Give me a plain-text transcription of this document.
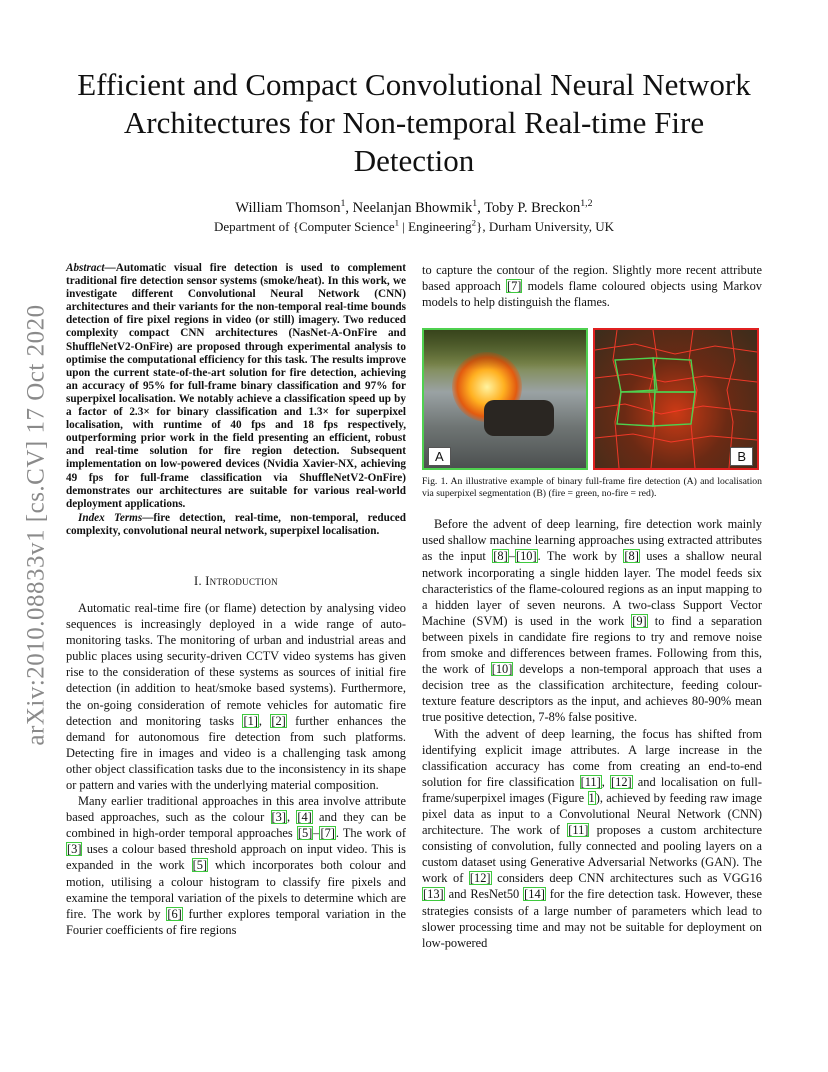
arXiv:2010.08833v1 [cs.CV] 17 Oct 2020
Efficient and Compact Convolutional Neural Network Architectures for Non-temporal Real-time Fire Detection
William Thomson$^1$, Neelanjan Bhowmik$^1$, Toby P. Breckon$^{1,2}$
Department of {Computer Science$^1$ | Engineering$^2$}, Durham University, UK

Abstract—Automatic visual fire detection is used to complement traditional fire detection sensor systems (smoke/heat). In this work, we investigate different Convolutional Neural Network (CNN) architectures and their variants for the non-temporal real-time bounds detection of fire pixel regions in video (or still) imagery. Two reduced complexity compact CNN architectures (NasNet-A-OnFire and ShuffleNetV2-OnFire) are proposed through experimental analysis to optimise the computational efficiency for this task. The results improve upon the current state-of-the-art solution for fire detection, achieving an accuracy of 95% for full-frame binary classification and 97% for superpixel localisation. We notably achieve a classification speed up by a factor of 2.3× for binary classification and 1.3× for superpixel localisation, with runtime of 40 fps and 18 fps respectively, outperforming prior work in the field presenting an efficient, robust and real-time solution for fire region detection. Subsequent implementation on low-powered devices (Nvidia Xavier-NX, achieving 49 fps for full-frame classification via ShuffleNetV2-OnFire) demonstrates our architectures are suitable for various real-world deployment applications.

Index Terms—fire detection, real-time, non-temporal, reduced complexity, convolutional neural network, superpixel localisation.

I. Introduction

Automatic real-time fire (or flame) detection by analysing video sequences is increasingly deployed in a wide range of auto-monitoring tasks. The monitoring of urban and industrial areas and public places using security-driven CCTV video systems has given rise to the consideration of these systems as sources of initial fire detection (in addition to heat/smoke based systems). Furthermore, the on-going consideration of remote vehicles for automatic fire detection and monitoring tasks [1], [2] further enhances the demand for autonomous fire detection from such platforms. Detecting fire in images and video is a challenging task among other object classification tasks due to the inconsistency in its shape or pattern and varies with the underlying material composition.

Many earlier traditional approaches in this area involve attribute based approaches, such as the colour [3], [4] and they can be combined in high-order temporal approaches [5]–[7]. The work of [3] uses a colour based threshold approach on input video. This is expanded in the work [5] which incorporates both colour and motion, utilising a colour histogram to classify fire pixels and examine the temporal variation of the pixels to determine which are fire. The work by [6] further explores temporal variation in the Fourier coefficients of fire regions

to capture the contour of the region. Slightly more recent attribute based approach [7] models flame coloured objects using Markov models to help distinguish the flames.

A	B

Fig. 1. An illustrative example of binary full-frame fire detection (A) and localisation via superpixel segmentation (B) (fire = green, no-fire = red).

Before the advent of deep learning, fire detection work mainly used shallow machine learning approaches using extracted attributes as the input [8]–[10]. The work by [8] uses a shallow neural network incorporating a single hidden layer. The model feeds six characteristics of the flame-coloured regions as an input mapping to a hidden layer of seven neurons. A two-class Support Vector Machine (SVM) is used in the work [9] to find a separation between pixels in candidate fire regions to try and remove noise from smoke and differences between frames. Following from this, the work of [10] develops a non-temporal approach that uses a decision tree as the classification architecture, feeding colour-texture feature descriptors as the input, and achieves 80-90% mean true positive detection, 7-8% false positive.

With the advent of deep learning, the focus has shifted from identifying explicit image attributes. A large increase in the classification accuracy has come from creating an end-to-end solution for fire classification [11], [12] and localisation on full-frame/superpixel images (Figure 1), achieved by feeding raw image pixel data as input to a Convolutional Neural Network (CNN) architecture. The work of [11] proposes a custom architecture consisting of convolution, fully connected and pooling layers on a custom dataset using Generative Adversarial Networks (GAN). The work of [12] considers deep CNN architectures such as VGG16 [13] and ResNet50 [14] for the fire detection task. However, these strategies consists of a large number of parameters which lead to slower processing time and may not be suitable for deployment on low-powered
